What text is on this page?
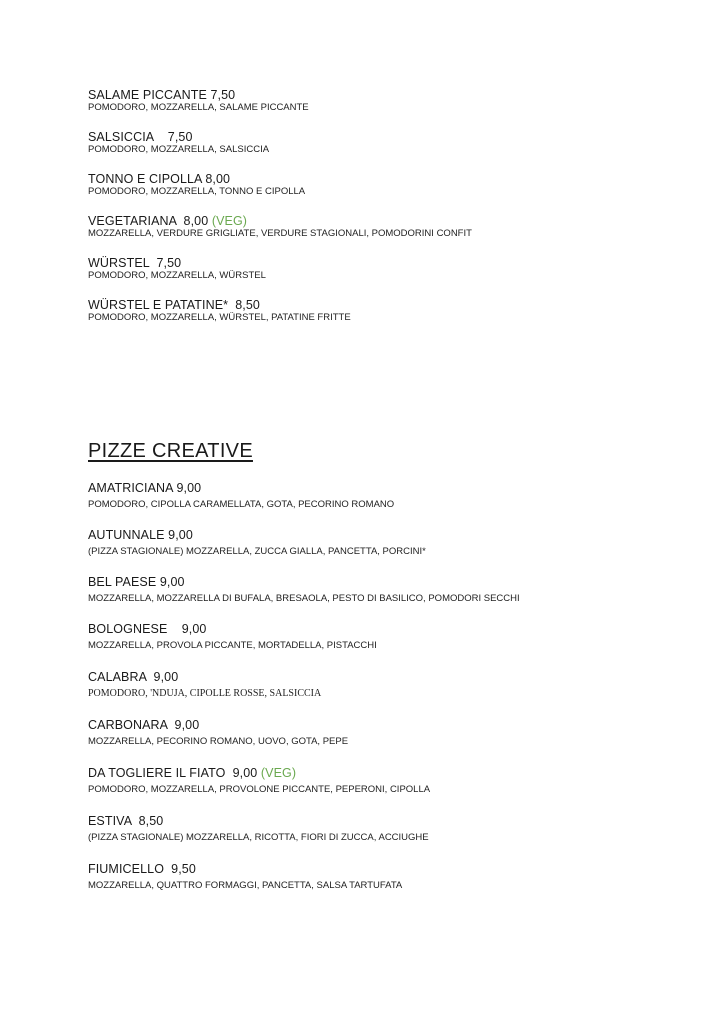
SALAME PICCANTE 7,50
POMODORO, MOZZARELLA, SALAME PICCANTE
SALSICCIA    7,50
POMODORO, MOZZARELLA, SALSICCIA
TONNO E CIPOLLA 8,00
POMODORO, MOZZARELLA, TONNO E CIPOLLA
VEGETARIANA  8,00 (VEG)
MOZZARELLA, VERDURE GRIGLIATE, VERDURE STAGIONALI, POMODORINI CONFIT
WÜRSTEL  7,50
POMODORO, MOZZARELLA, WÜRSTEL
WÜRSTEL E PATATINE*  8,50
POMODORO, MOZZARELLA, WÜRSTEL, PATATINE FRITTE
PIZZE CREATIVE
AMATRICIANA 9,00
POMODORO, CIPOLLA CARAMELLATA, GOTA, PECORINO ROMANO
AUTUNNALE 9,00
(PIZZA STAGIONALE) MOZZARELLA, ZUCCA GIALLA, PANCETTA, PORCINI*
BEL PAESE 9,00
MOZZARELLA, MOZZARELLA DI BUFALA, BRESAOLA, PESTO DI BASILICO, POMODORI SECCHI
BOLOGNESE    9,00
MOZZARELLA, PROVOLA PICCANTE, MORTADELLA, PISTACCHI
CALABRA  9,00
POMODORO, 'NDUJA, CIPOLLE ROSSE, SALSICCIA
CARBONARA  9,00
MOZZARELLA, PECORINO ROMANO, UOVO, GOTA, PEPE
DA TOGLIERE IL FIATO  9,00 (VEG)
POMODORO, MOZZARELLA, PROVOLONE PICCANTE, PEPERONI, CIPOLLA
ESTIVA  8,50
(PIZZA STAGIONALE) MOZZARELLA, RICOTTA, FIORI DI ZUCCA, ACCIUGHE
FIUMICELLO  9,50
MOZZARELLA, QUATTRO FORMAGGI, PANCETTA, SALSA TARTUFATA
